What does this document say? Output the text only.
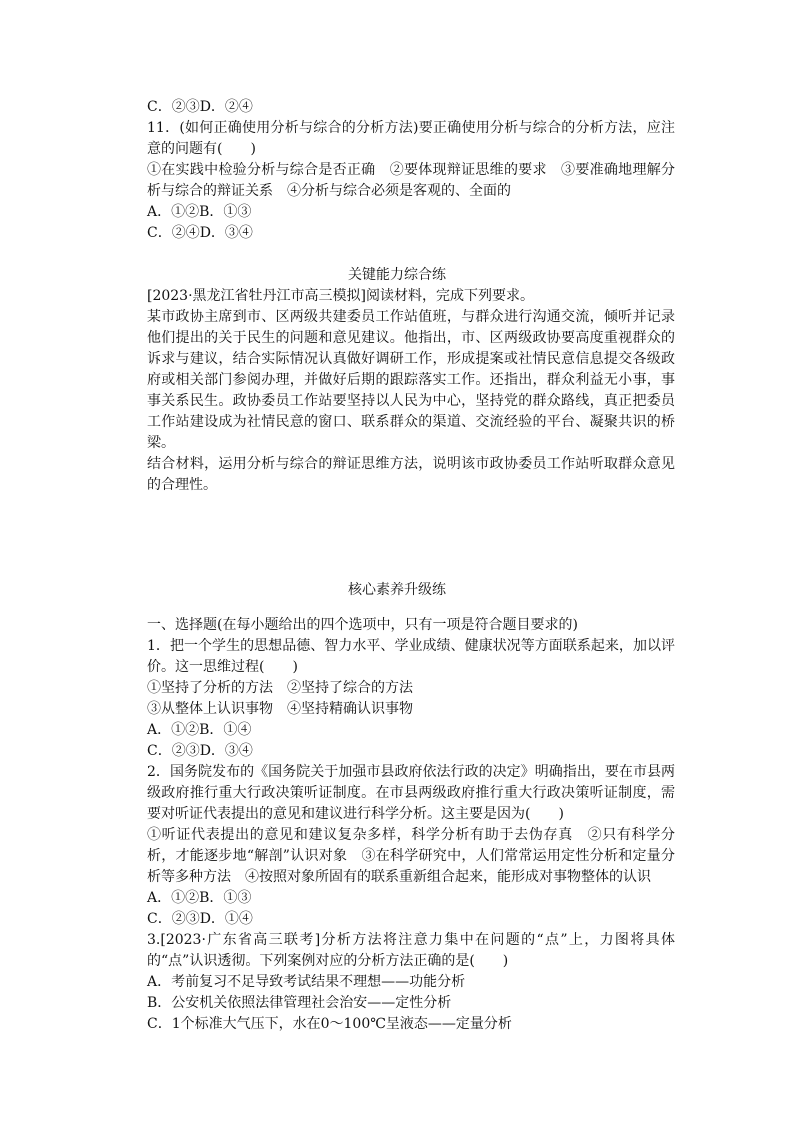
C．②③D．②④
11．(如何正确使用分析与综合的分析方法)要正确使用分析与综合的分析方法，应注意的问题有(　　)
①在实践中检验分析与综合是否正确　②要体现辩证思维的要求　③要准确地理解分析与综合的辩证关系　④分析与综合必须是客观的、全面的
A．①②B．①③
C．②④D．③④
关键能力综合练
[2023·黑龙江省牡丹江市高三模拟]阅读材料，完成下列要求。
某市政协主席到市、区两级共建委员工作站值班，与群众进行沟通交流，倾听并记录他们提出的关于民生的问题和意见建议。他指出，市、区两级政协要高度重视群众的诉求与建议，结合实际情况认真做好调研工作，形成提案或社情民意信息提交各级政府或相关部门参阅办理，并做好后期的跟踪落实工作。还指出，群众利益无小事，事事关系民生。政协委员工作站要坚持以人民为中心，坚持党的群众路线，真正把委员工作站建设成为社情民意的窗口、联系群众的渠道、交流经验的平台、凝聚共识的桥梁。
结合材料，运用分析与综合的辩证思维方法，说明该市政协委员工作站听取群众意见的合理性。
核心素养升级练
一、选择题(在每小题给出的四个选项中，只有一项是符合题目要求的)
1．把一个学生的思想品德、智力水平、学业成绩、健康状况等方面联系起来，加以评价。这一思维过程(　　)
①坚持了分析的方法　②坚持了综合的方法
③从整体上认识事物　④坚持精确认识事物
A．①②B．①④
C．②③D．③④
2．国务院发布的《国务院关于加强市县政府依法行政的决定》明确指出，要在市县两级政府推行重大行政决策听证制度。在市县两级政府推行重大行政决策听证制度，需要对听证代表提出的意见和建议进行科学分析。这主要是因为(　　)
①听证代表提出的意见和建议复杂多样，科学分析有助于去伪存真　②只有科学分析，才能逐步地“解剖”认识对象　③在科学研究中，人们常常运用定性分析和定量分析等多种方法　④按照对象所固有的联系重新组合起来，能形成对事物整体的认识
A．①②B．①③
C．②③D．①④
3.[2023·广东省高三联考]分析方法将注意力集中在问题的“点”上，力图将具体的“点”认识透彻。下列案例对应的分析方法正确的是(　　)
A．考前复习不足导致考试结果不理想——功能分析
B．公安机关依照法律管理社会治安——定性分析
C．1个标准大气压下，水在0～100℃呈液态——定量分析
